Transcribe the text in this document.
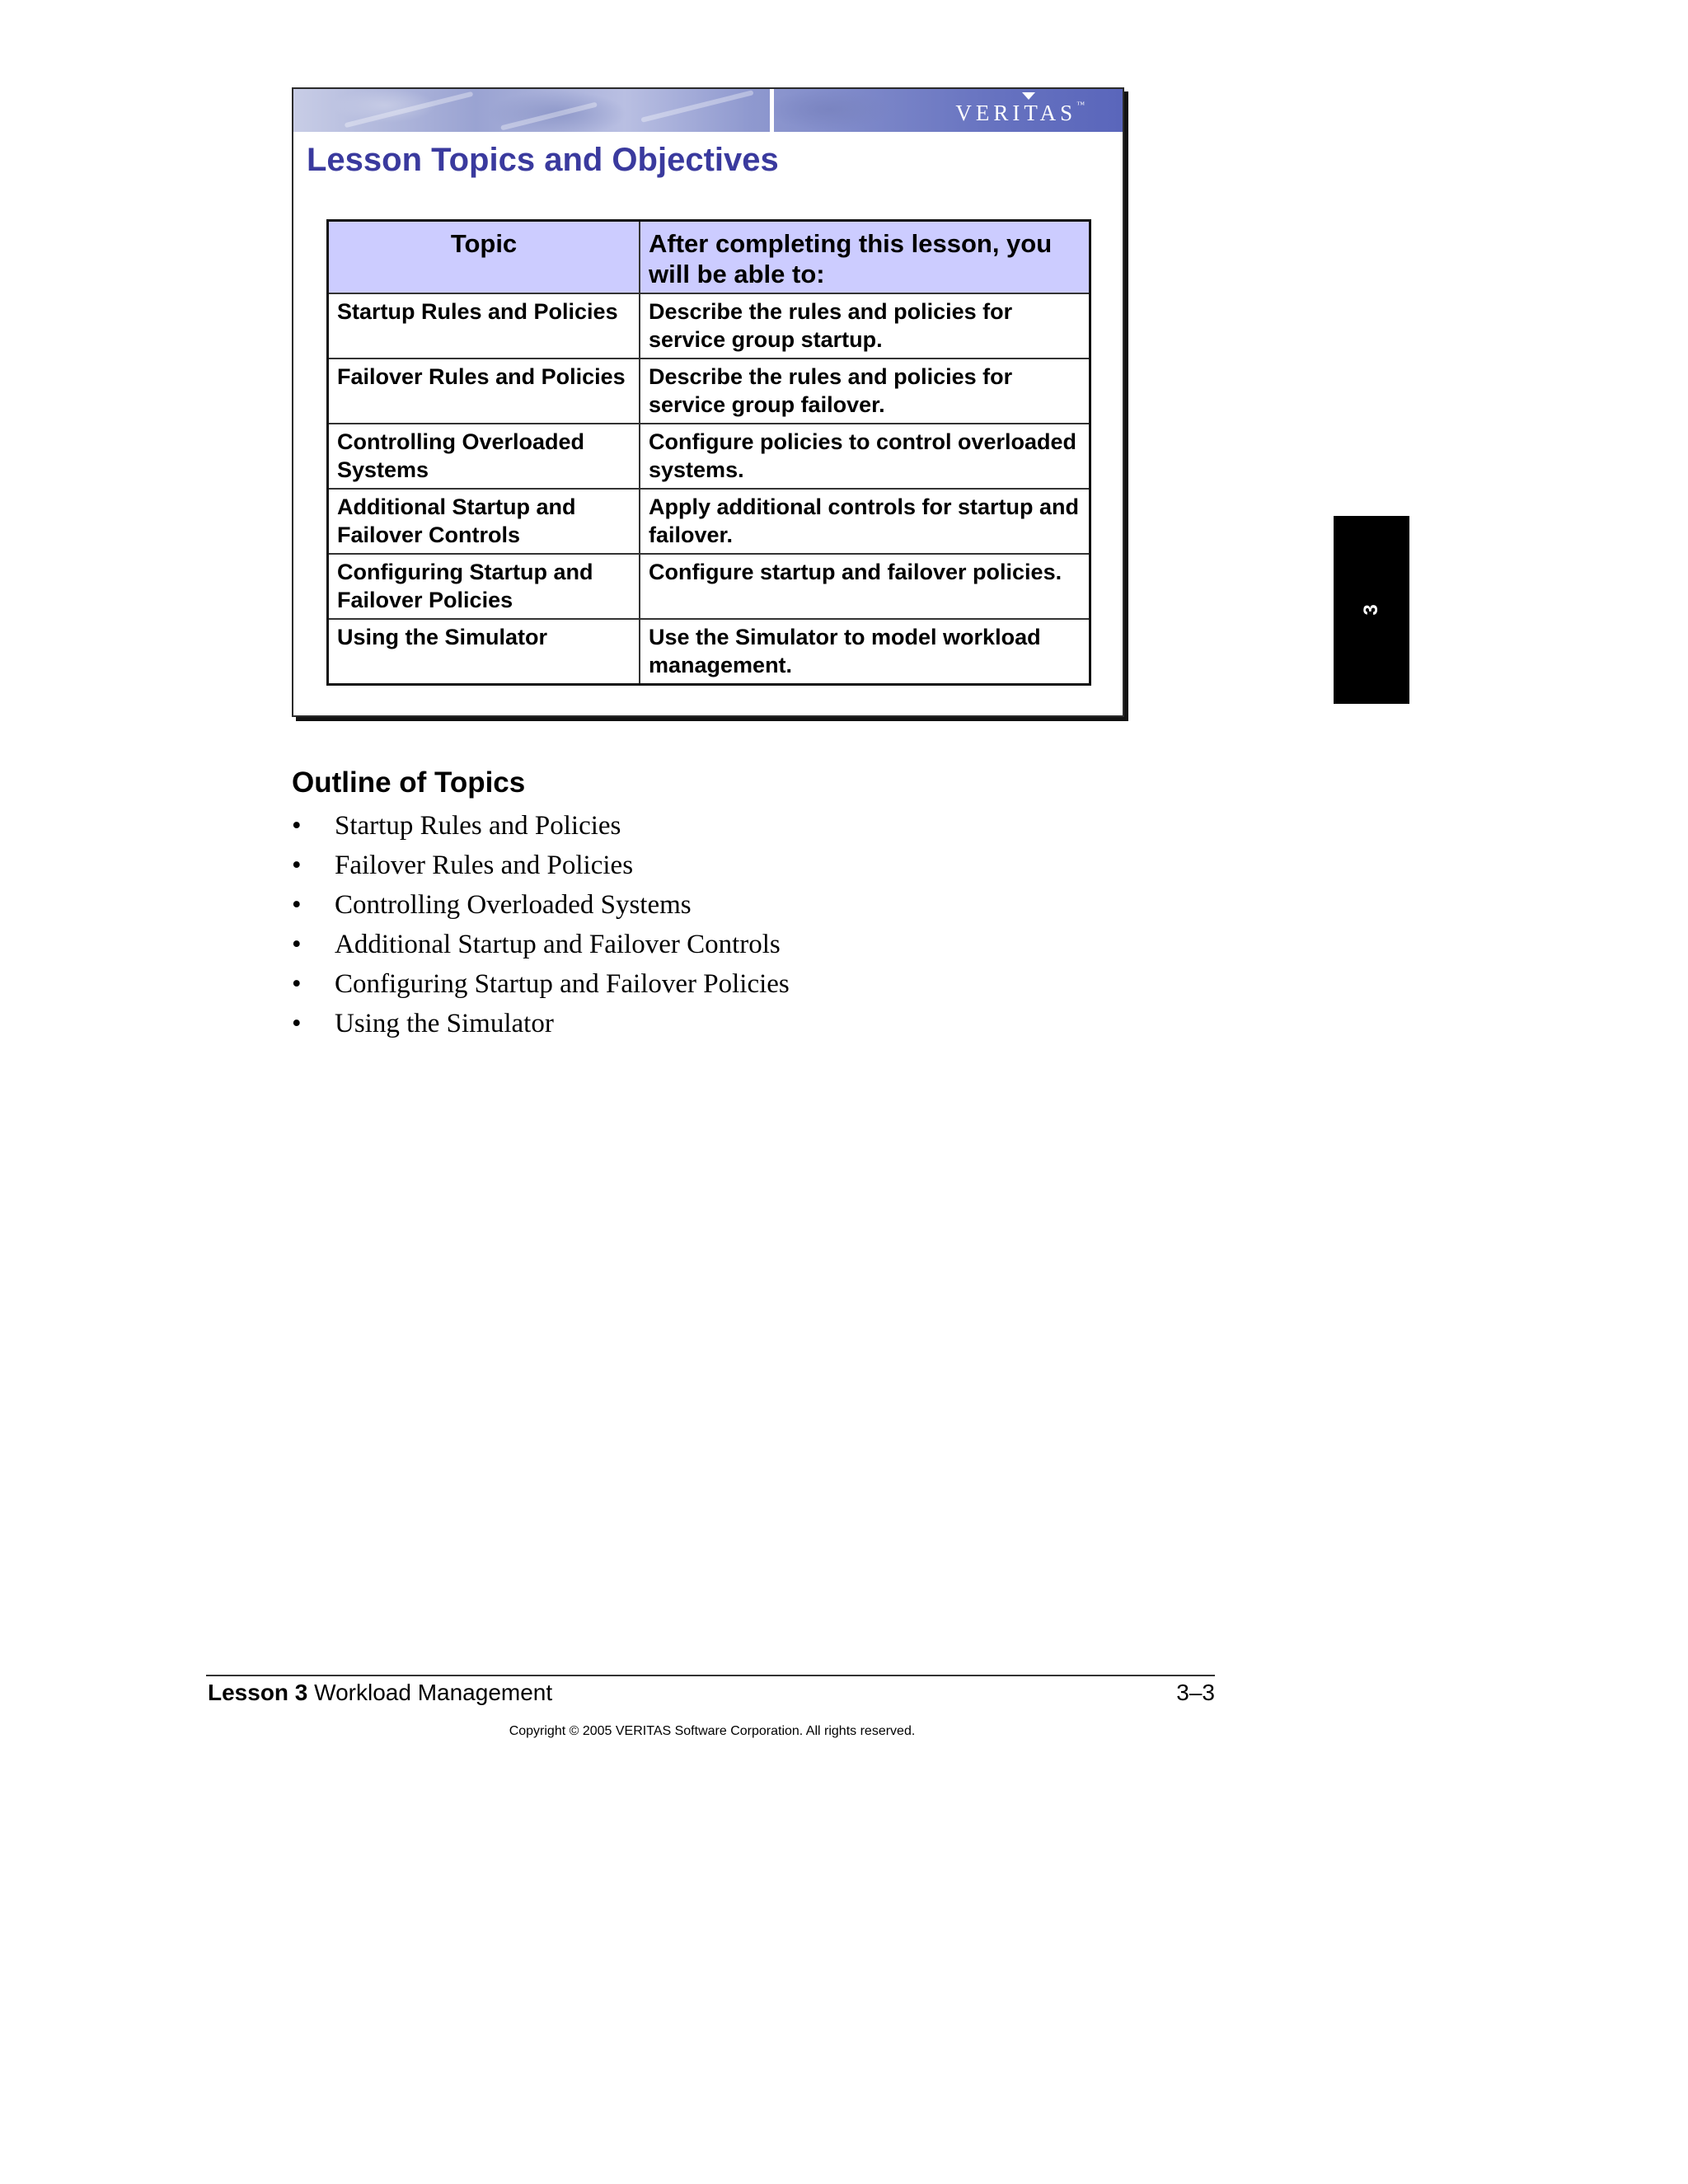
VERITAS™
Lesson Topics and Objectives
Topic	After completing this lesson, you will be able to:
Startup Rules and Policies	Describe the rules and policies for service group startup.
Failover Rules and Policies	Describe the rules and policies for service group failover.
Controlling Overloaded Systems	Configure policies to control overloaded systems.
Additional Startup and Failover Controls	Apply additional controls for startup and failover.
Configuring Startup and Failover Policies	Configure startup and failover policies.
Using the Simulator	Use the Simulator to model workload management.
3
Outline of Topics
• Startup Rules and Policies
• Failover Rules and Policies
• Controlling Overloaded Systems
• Additional Startup and Failover Controls
• Configuring Startup and Failover Policies
• Using the Simulator
Lesson 3 Workload Management	3–3
Copyright © 2005 VERITAS Software Corporation. All rights reserved.
